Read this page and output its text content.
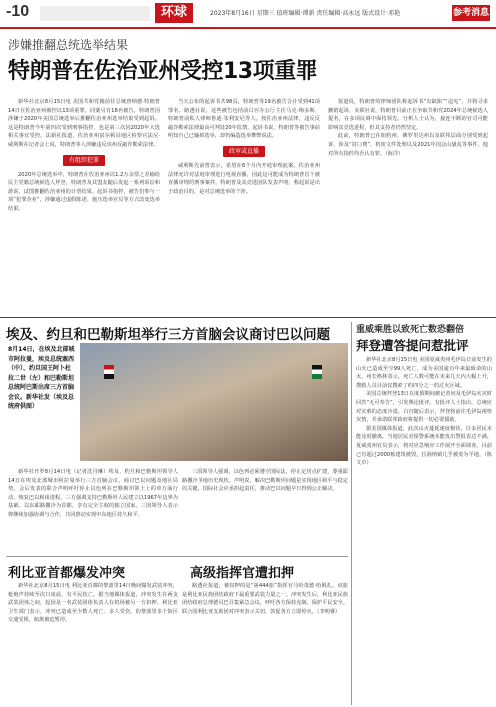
-10	环球	2023年8月16日 星期三 值班编辑·谭新 责任编辑·高永远 版式设计·邓艳	参考消息
涉嫌推翻总统选举结果
特朗普在佐治亚州受控13项重罪

新华社北京8月15日电 美国共和党籍前任总统唐纳德·特朗普14日在佐治亚州被控以13项重罪，同案另有18名被告。特朗普因涉嫌于2020年美国总统选举后推翻佐治亚州选举结果受到起诉。这是特朗普今年第四次受到刑事指控，也是第三次因2020年大选相关事宜受控。法新社报道，佐治亚州富尔顿县地区检察官法尼·威利斯在记者会上说，特朗普等人涉嫌违反该州反敲诈勒索法律。

有组织犯罪

2020年总统选举中，特朗普在佐治亚州以1.2万余票之差输给民主党籍总统候选人拜登。特朗普及其盟友随后发起一系列诉讼和游说，试图推翻佐治亚州的计票结果。起诉书指控，被告们参与一项“犯罪企业”，涉嫌通过虚假陈述、施压选举官员等方式改变选举结果。

当天公布的起诉书共98页，特朗普等19名被告合计受到41项罪名。路透社说，这些被告包括前白宫办公厅主任马克·梅多斯、特朗普前私人律师鲁迪·朱利安尼等人。按佐治亚州法律，违反反敲诈勒索法律最高可判处20年监禁。起诉书说，特朗普等被告事前明知自己已输掉选举，却仍编造选举舞弊说法。

政审或直播

威利斯先前曾表示，希望在6个月内开庭审理此案。佐治亚州法律允许对法庭审理进行电视直播，因此这可能成为特朗普首个被直播审理的刑事案件。特朗普及其竞选团队发表声明，称起诉是出于政治目的，是对总统选举的干涉。

报道说，特朗普的律师团队称起诉书“有缺陷”“违宪”，并将寻求撤销起诉。美联社说，特朗普目前正在争取共和党2024年总统候选人提名，在多项民调中保持领先。分析人士认为，接连不断的官司可能影响其竞选进程，但其支持者仍然坚定。

此前，特朗普已在纽约州、佛罗里达州以及联邦层面分别受到起诉，涉及“封口费”、机密文件处理以及2021年国会山骚乱等事件。他对所有指控均否认有罪。（海洋）

埃及、约旦和巴勒斯坦举行三方首脑会议商讨巴以问题
8月14日，在埃及北部城市阿拉曼，埃及总统塞西（中）、约旦国王阿卜杜拉二世（左）和巴勒斯坦总统阿巴斯出席三方首脑会议。新华社发（埃及总统府供图）

新华社开罗8月14日电（记者沈丹琳）埃及、约旦和巴勒斯坦领导人14日在埃及北部城市阿拉曼举行三方首脑会议，商讨巴以问题及地区局势。会后发表的联合声明呼吁停止以色列在巴勒斯坦领土上的单方面行动，恢复巴以和谈进程。三方强调支持巴勒斯坦人民建立以1967年边界为基础、以东耶路撒冷为首都、享有完全主权的独立国家。三国领导人表示将继续加强协调与合作，共同推动实现中东地区持久和平。

三国领导人强调，以色列必须遵守国际法，停止定居点扩建，尊重耶路撒冷圣地历史现状。声明说，解决巴勒斯坦问题是实现地区和平与稳定的关键，国际社会应承担起责任，推动巴以问题早日得到公正解决。

利比亚首都爆发冲突	高级指挥官遭扣押

新华社北京8月15日电 利比亚首都的黎波里14日晚间爆发武装冲突，枪炮声持续至次日凌晨，有平民伤亡。据当地媒体报道，冲突发生在两支武装团体之间，起因是一名武装团体负责人在机场被另一方扣押。利比亚卫生部门表示，冲突已造成至少数人死亡、多人受伤。的黎波里多个街区交通受阻，航班被迫暂停。

路透社报道，被扣押的是“第444旅”指挥官马哈茂德·哈姆扎。该旅是利比亚民族团结政府下属重要武装力量之一。冲突发生后，利比亚民族团结政府总理德贝巴召集紧急会议，呼吁各方保持克制、保护平民安全。联合国利比亚支助团对冲突表示关切，敦促各方立即停火。（李明睿）

重威乘胜以致死亡数恐翻倍
拜登遭答提问惹批评

新华社北京8月15日电 美国夏威夷州毛伊岛日前发生的山火已造成至少99人死亡，成为美国逾百年来最致命的山火。州长格林表示，死亡人数可能在未来几天内大幅上升，搜救人员目前仅搜索了约四分之一的过火区域。

美国总统拜登13日在度假期间被记者问及毛伊岛火灾时回答“无可奉告”，引发舆论批评。有批评人士指出，总统应对灾难的态度冷漠。白宫随后表示，拜登将前往毛伊岛视察灾情，并承诺联邦政府将提供一切必要援助。

据美国媒体报道，此次山火蔓延速度极快，许多居民未能及时撤离。当地居民对预警系统未能发出警报表达不满。夏威夷州官员表示，将对应急响应工作展开全面调查。目前已有超过2000栋建筑被毁，拉海纳镇几乎被夷为平地。（陈文卓）
